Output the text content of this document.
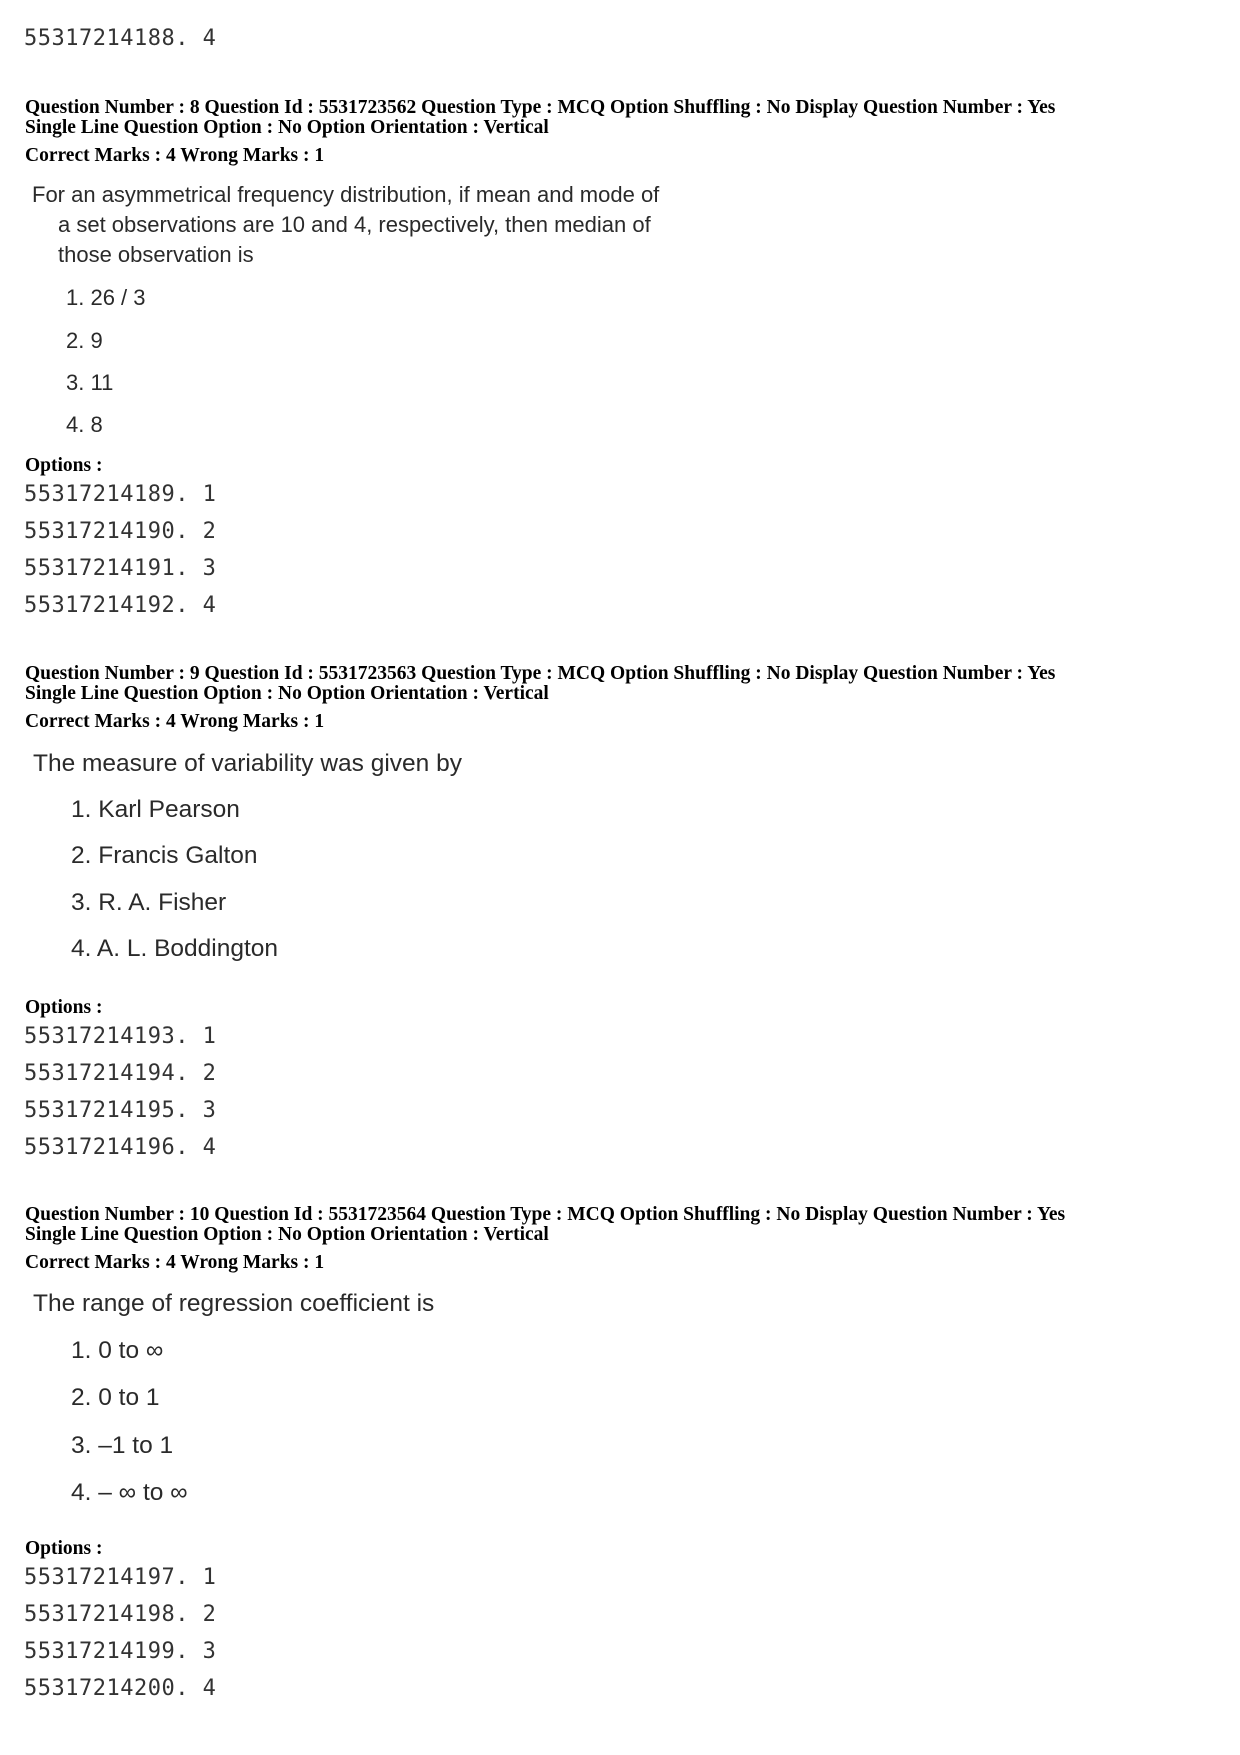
55317214188. 4
Question Number : 8 Question Id : 5531723562 Question Type : MCQ Option Shuffling : No Display Question Number : Yes
Single Line Question Option : No Option Orientation : Vertical
Correct Marks : 4 Wrong Marks : 1
For an asymmetrical frequency distribution, if mean and mode of
a set observations are 10 and 4, respectively, then median of
those observation is
1. 26 / 3
2. 9
3. 11
4. 8
Options :
55317214189. 1
55317214190. 2
55317214191. 3
55317214192. 4
Question Number : 9 Question Id : 5531723563 Question Type : MCQ Option Shuffling : No Display Question Number : Yes
Single Line Question Option : No Option Orientation : Vertical
Correct Marks : 4 Wrong Marks : 1
The measure of variability was given by
1. Karl Pearson
2. Francis Galton
3. R. A. Fisher
4. A. L. Boddington
Options :
55317214193. 1
55317214194. 2
55317214195. 3
55317214196. 4
Question Number : 10 Question Id : 5531723564 Question Type : MCQ Option Shuffling : No Display Question Number : Yes
Single Line Question Option : No Option Orientation : Vertical
Correct Marks : 4 Wrong Marks : 1
The range of regression coefficient is
1. 0 to ∞
2. 0 to 1
3. –1 to 1
4. – ∞ to ∞
Options :
55317214197. 1
55317214198. 2
55317214199. 3
55317214200. 4
